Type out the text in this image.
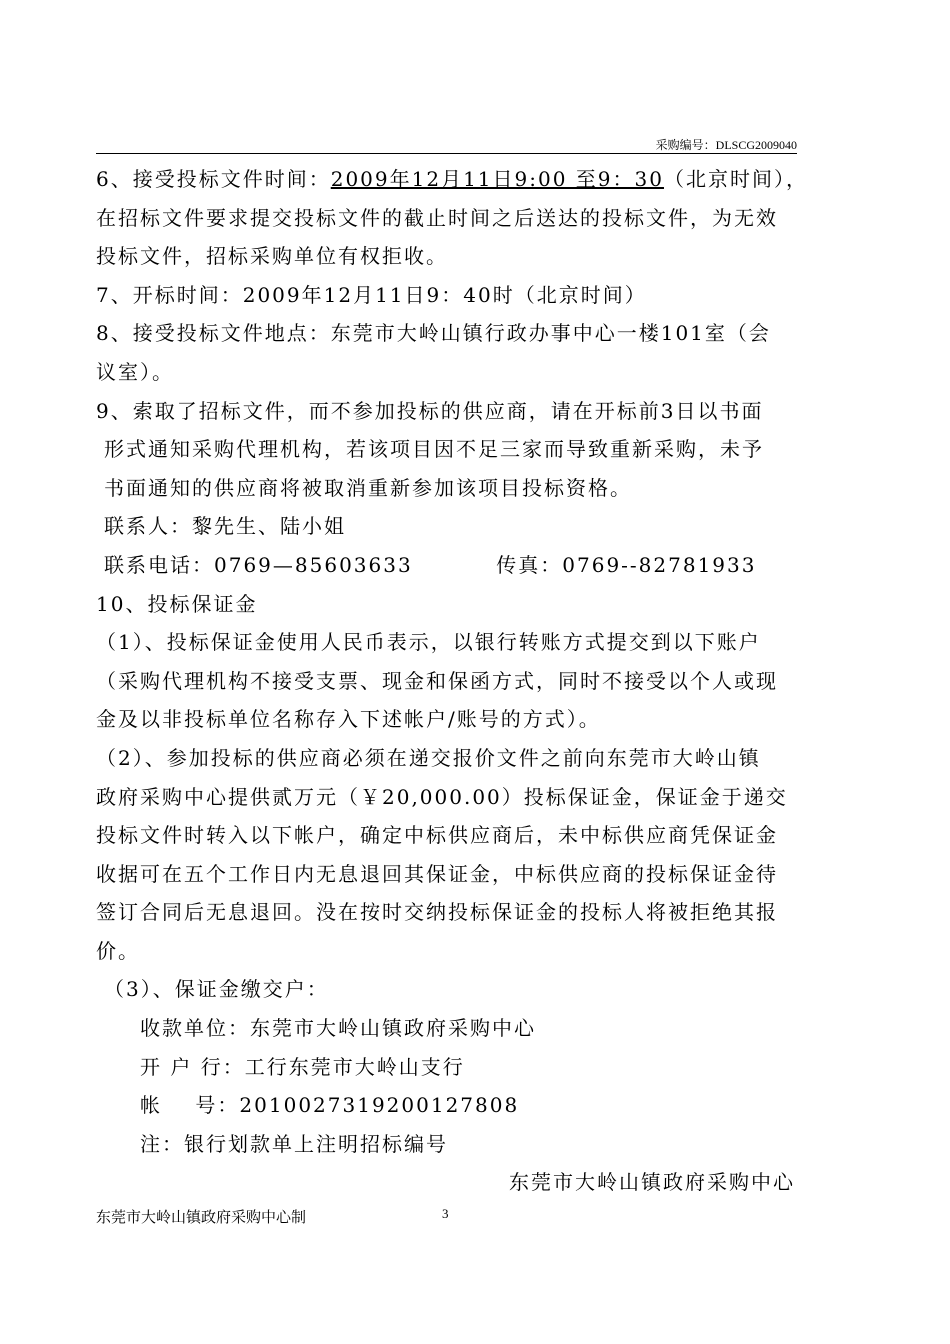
采购编号：DLSCG2009040
6、接受投标文件时间：2009年12月11日9:00 至9：30（北京时间），
在招标文件要求提交投标文件的截止时间之后送达的投标文件，为无效
投标文件，招标采购单位有权拒收。
7、开标时间：2009年12月11日9：40时（北京时间）
8、接受投标文件地点：东莞市大岭山镇行政办事中心一楼101室（会
议室）。
9、索取了招标文件，而不参加投标的供应商，请在开标前3日以书面
形式通知采购代理机构，若该项目因不足三家而导致重新采购，未予
书面通知的供应商将被取消重新参加该项目投标资格。
联系人：黎先生、陆小姐
联系电话：0769—85603633          传真：0769--82781933
10、投标保证金
（1）、投标保证金使用人民币表示，以银行转账方式提交到以下账户
（采购代理机构不接受支票、现金和保函方式，同时不接受以个人或现
金及以非投标单位名称存入下述帐户/账号的方式）。
（2）、参加投标的供应商必须在递交报价文件之前向东莞市大岭山镇
政府采购中心提供贰万元（￥20,000.00）投标保证金，保证金于递交
投标文件时转入以下帐户，确定中标供应商后，未中标供应商凭保证金
收据可在五个工作日内无息退回其保证金，中标供应商的投标保证金待
签订合同后无息退回。没在按时交纳投标保证金的投标人将被拒绝其报
价。
（3）、保证金缴交户：
收款单位：东莞市大岭山镇政府采购中心
开 户 行：工行东莞市大岭山支行
帐    号：2010027319200127808
注：银行划款单上注明招标编号
东莞市大岭山镇政府采购中心
东莞市大岭山镇政府采购中心制	3
